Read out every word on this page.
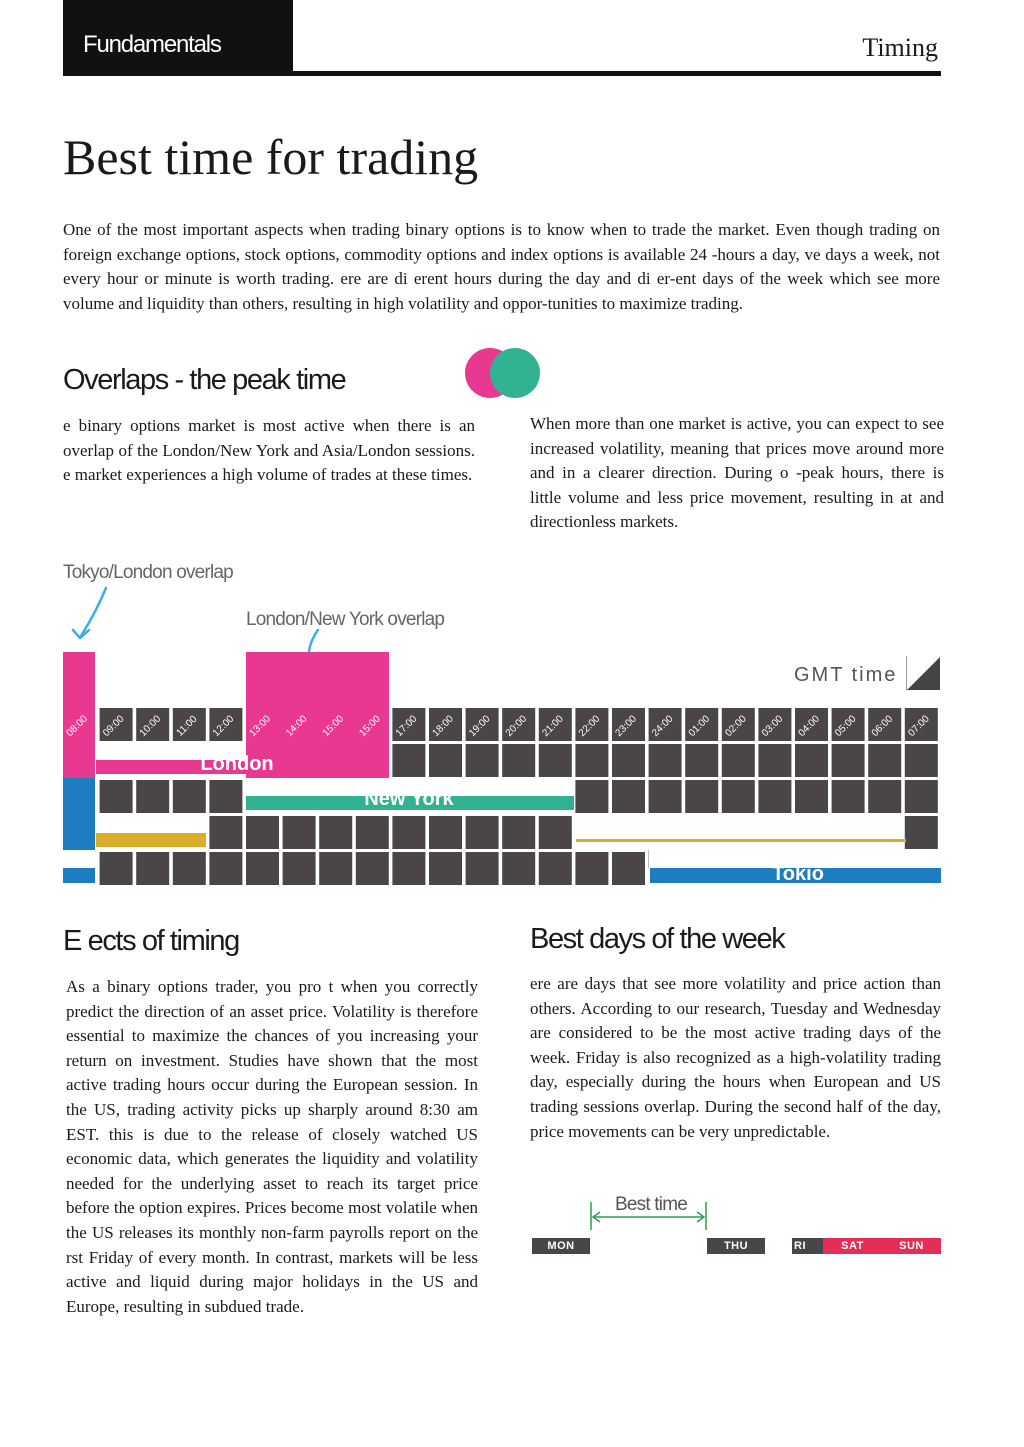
Fundamentals	Timing
Best time for trading
One of the most important aspects when trading binary options is to know when to trade the market. Even though trading on foreign exchange options, stock options, commodity options and index options is available 24 -hours a day, ve days a week, not every hour or minute is worth trading. ere are di erent hours during the day and di er-ent days of the week which see more volume and liquidity than others, resulting in high volatility and oppor-tunities to maximize trading.
Overlaps - the peak time
e binary options market is most active when there is an overlap of the London/New York and Asia/London sessions. e market experiences a high volume of trades at these times.
When more than one market is active, you can expect to see increased volatility, meaning that prices move around more and in a clearer direction. During o -peak hours, there is little volume and less price movement, resulting in at and directionless markets.
Tokyo/London overlap
London/New York overlap
GMT time
London
New York
Tokio
08:00 09:00 10:00 11:00 12:00 13:00 14:00 15:00 15:00 17:00 18:00 19:00 20:00 21:00 22:00 23:00 24:00 01:00 02:00 03:00 04:00 05:00 06:00 07:00
E ects of timing
As a binary options trader, you pro t when you correctly predict the direction of an asset price. Volatility is therefore essential to maximize the chances of you increasing your return on investment. Studies have shown that the most active trading hours occur during the European session. In the US, trading activity picks up sharply around 8:30 am EST. this is due to the release of closely watched US economic data, which generates the liquidity and volatility needed for the underlying asset to reach its target price before the option expires. Prices become most volatile when the US releases its monthly non-farm payrolls report on the rst Friday of every month. In contrast, markets will be less active and liquid during major holidays in the US and Europe, resulting in subdued trade.
Best days of the week
ere are days that see more volatility and price action than others. According to our research, Tuesday and Wednesday are considered to be the most active trading days of the week. Friday is also recognized as a high-volatility trading day, especially during the hours when European and US trading sessions overlap. During the second half of the day, price movements can be very unpredictable.
Best time
MON	THU	RI	SAT	SUN
